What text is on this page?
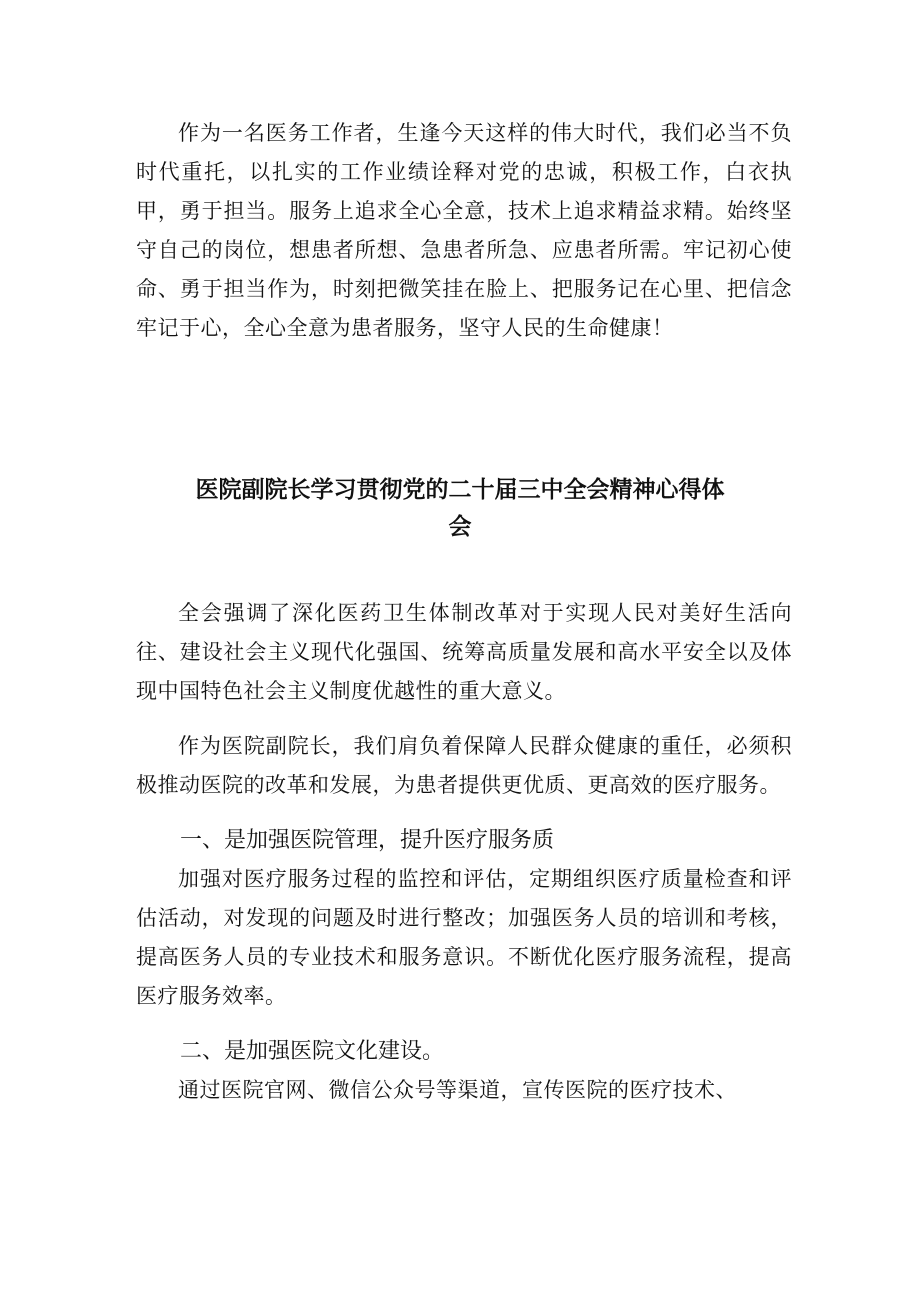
作为一名医务工作者，生逢今天这样的伟大时代，我们必当不负时代重托，以扎实的工作业绩诠释对党的忠诚，积极工作，白衣执甲，勇于担当。服务上追求全心全意，技术上追求精益求精。始终坚守自己的岗位，想患者所想、急患者所急、应患者所需。牢记初心使命、勇于担当作为，时刻把微笑挂在脸上、把服务记在心里、把信念牢记于心，全心全意为患者服务，坚守人民的生命健康！

医院副院长学习贯彻党的二十届三中全会精神心得体
会

全会强调了深化医药卫生体制改革对于实现人民对美好生活向往、建设社会主义现代化强国、统筹高质量发展和高水平安全以及体现中国特色社会主义制度优越性的重大意义。

作为医院副院长，我们肩负着保障人民群众健康的重任，必须积极推动医院的改革和发展，为患者提供更优质、更高效的医疗服务。

一、是加强医院管理，提升医疗服务质

加强对医疗服务过程的监控和评估，定期组织医疗质量检查和评估活动，对发现的问题及时进行整改；加强医务人员的培训和考核，提高医务人员的专业技术和服务意识。不断优化医疗服务流程，提高医疗服务效率。

二、是加强医院文化建设。

通过医院官网、微信公众号等渠道，宣传医院的医疗技术、
